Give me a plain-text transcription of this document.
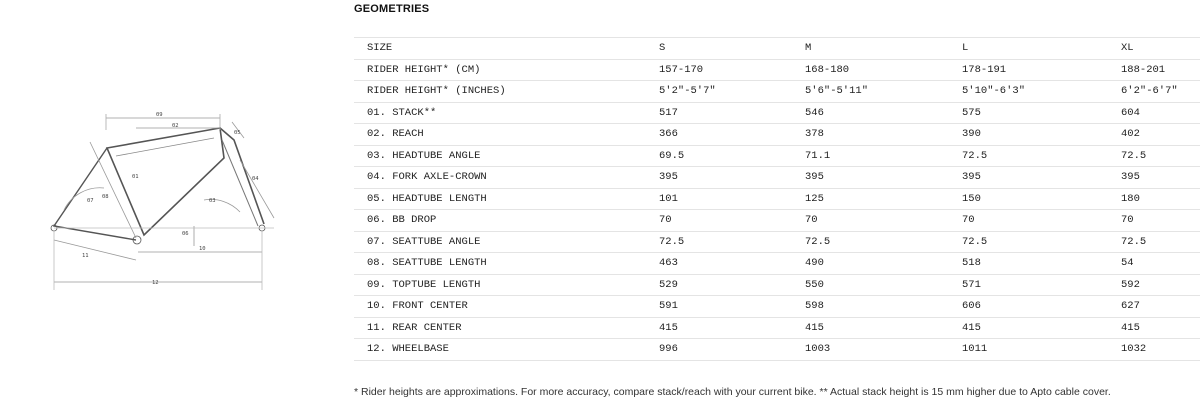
09
02
05
01	04
08
07	03
06
10
11
12
GEOMETRIES
SIZE	S	M	L	XL
RIDER HEIGHT* (CM)	157-170	168-180	178-191	188-201
RIDER HEIGHT* (INCHES)	5'2"-5'7"	5'6"-5'11"	5'10"-6'3"	6'2"-6'7"
01. STACK**	517	546	575	604
02. REACH	366	378	390	402
03. HEADTUBE ANGLE	69.5	71.1	72.5	72.5
04. FORK AXLE-CROWN	395	395	395	395
05. HEADTUBE LENGTH	101	125	150	180
06. BB DROP	70	70	70	70
07. SEATTUBE ANGLE	72.5	72.5	72.5	72.5
08. SEATTUBE LENGTH	463	490	518	54
09. TOPTUBE LENGTH	529	550	571	592
10. FRONT CENTER	591	598	606	627
11. REAR CENTER	415	415	415	415
12. WHEELBASE	996	1003	1011	1032
* Rider heights are approximations. For more accuracy, compare stack/reach with your current bike. ** Actual stack height is 15 mm higher due to Apto cable cover.
